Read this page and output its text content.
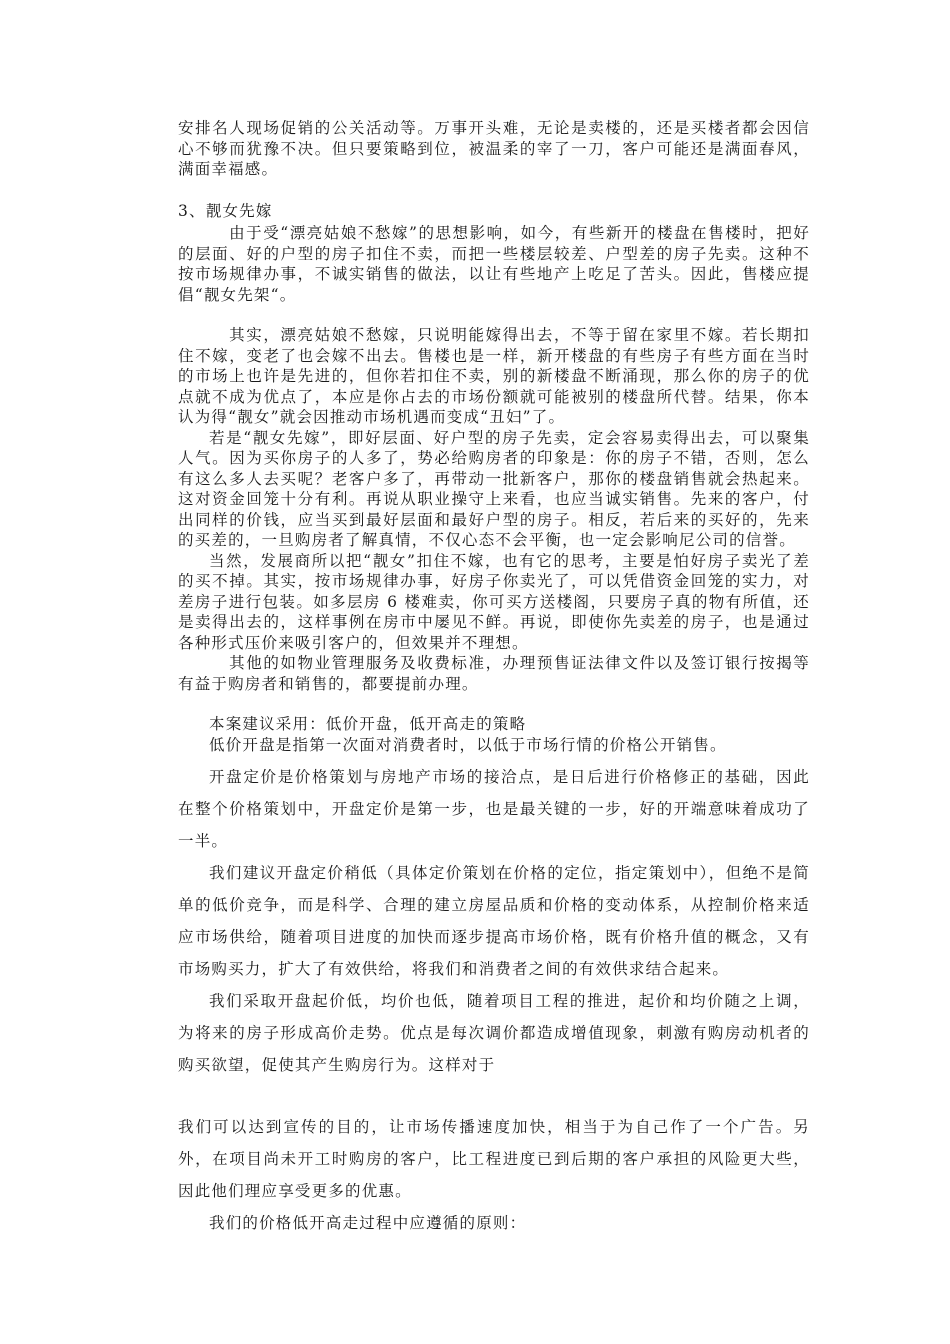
安排名人现场促销的公关活动等。万事开头难，无论是卖楼的，还是买楼者都会因信心不够而犹豫不决。但只要策略到位，被温柔的宰了一刀，客户可能还是满面春风，满面幸福感。

3、靓女先嫁

由于受“漂亮姑娘不愁嫁”的思想影响，如今，有些新开的楼盘在售楼时，把好的层面、好的户型的房子扣住不卖，而把一些楼层较差、户型差的房子先卖。这种不按市场规律办事，不诚实销售的做法，以让有些地产上吃足了苦头。因此，售楼应提倡“靓女先架“。

其实，漂亮姑娘不愁嫁，只说明能嫁得出去，不等于留在家里不嫁。若长期扣住不嫁，变老了也会嫁不出去。售楼也是一样，新开楼盘的有些房子有些方面在当时的市场上也许是先进的，但你若扣住不卖，别的新楼盘不断涌现，那么你的房子的优点就不成为优点了，本应是你占去的市场份额就可能被别的楼盘所代替。结果，你本认为得“靓女”就会因推动市场机遇而变成“丑妇”了。

若是“靓女先嫁”，即好层面、好户型的房子先卖，定会容易卖得出去，可以聚集人气。因为买你房子的人多了，势必给购房者的印象是：你的房子不错，否则，怎么有这么多人去买呢？老客户多了，再带动一批新客户，那你的楼盘销售就会热起来。这对资金回笼十分有利。再说从职业操守上来看，也应当诚实销售。先来的客户，付出同样的价钱，应当买到最好层面和最好户型的房子。相反，若后来的买好的，先来的买差的，一旦购房者了解真情，不仅心态不会平衡，也一定会影响尼公司的信誉。

当然，发展商所以把“靓女”扣住不嫁，也有它的思考，主要是怕好房子卖光了差的买不掉。其实，按市场规律办事，好房子你卖光了，可以凭借资金回笼的实力，对差房子进行包装。如多层房 6 楼难卖，你可买方送楼阁，只要房子真的物有所值，还是卖得出去的，这样事例在房市中屡见不鲜。再说，即使你先卖差的房子，也是通过各种形式压价来吸引客户的，但效果并不理想。

其他的如物业管理服务及收费标准，办理预售证法律文件以及签订银行按揭等有益于购房者和销售的，都要提前办理。

本案建议采用：低价开盘，低开高走的策略

低价开盘是指第一次面对消费者时，以低于市场行情的价格公开销售。

开盘定价是价格策划与房地产市场的接洽点，是日后进行价格修正的基础，因此在整个价格策划中，开盘定价是第一步，也是最关键的一步，好的开端意味着成功了一半。

我们建议开盘定价稍低（具体定价策划在价格的定位，指定策划中），但绝不是简单的低价竞争，而是科学、合理的建立房屋品质和价格的变动体系，从控制价格来适应市场供给，随着项目进度的加快而逐步提高市场价格，既有价格升值的概念，又有市场购买力，扩大了有效供给，将我们和消费者之间的有效供求结合起来。

我们采取开盘起价低，均价也低，随着项目工程的推进，起价和均价随之上调，为将来的房子形成高价走势。优点是每次调价都造成增值现象，刺激有购房动机者的购买欲望，促使其产生购房行为。这样对于

我们可以达到宣传的目的，让市场传播速度加快，相当于为自己作了一个广告。另外，在项目尚未开工时购房的客户，比工程进度已到后期的客户承担的风险更大些，因此他们理应享受更多的优惠。

我们的价格低开高走过程中应遵循的原则：
